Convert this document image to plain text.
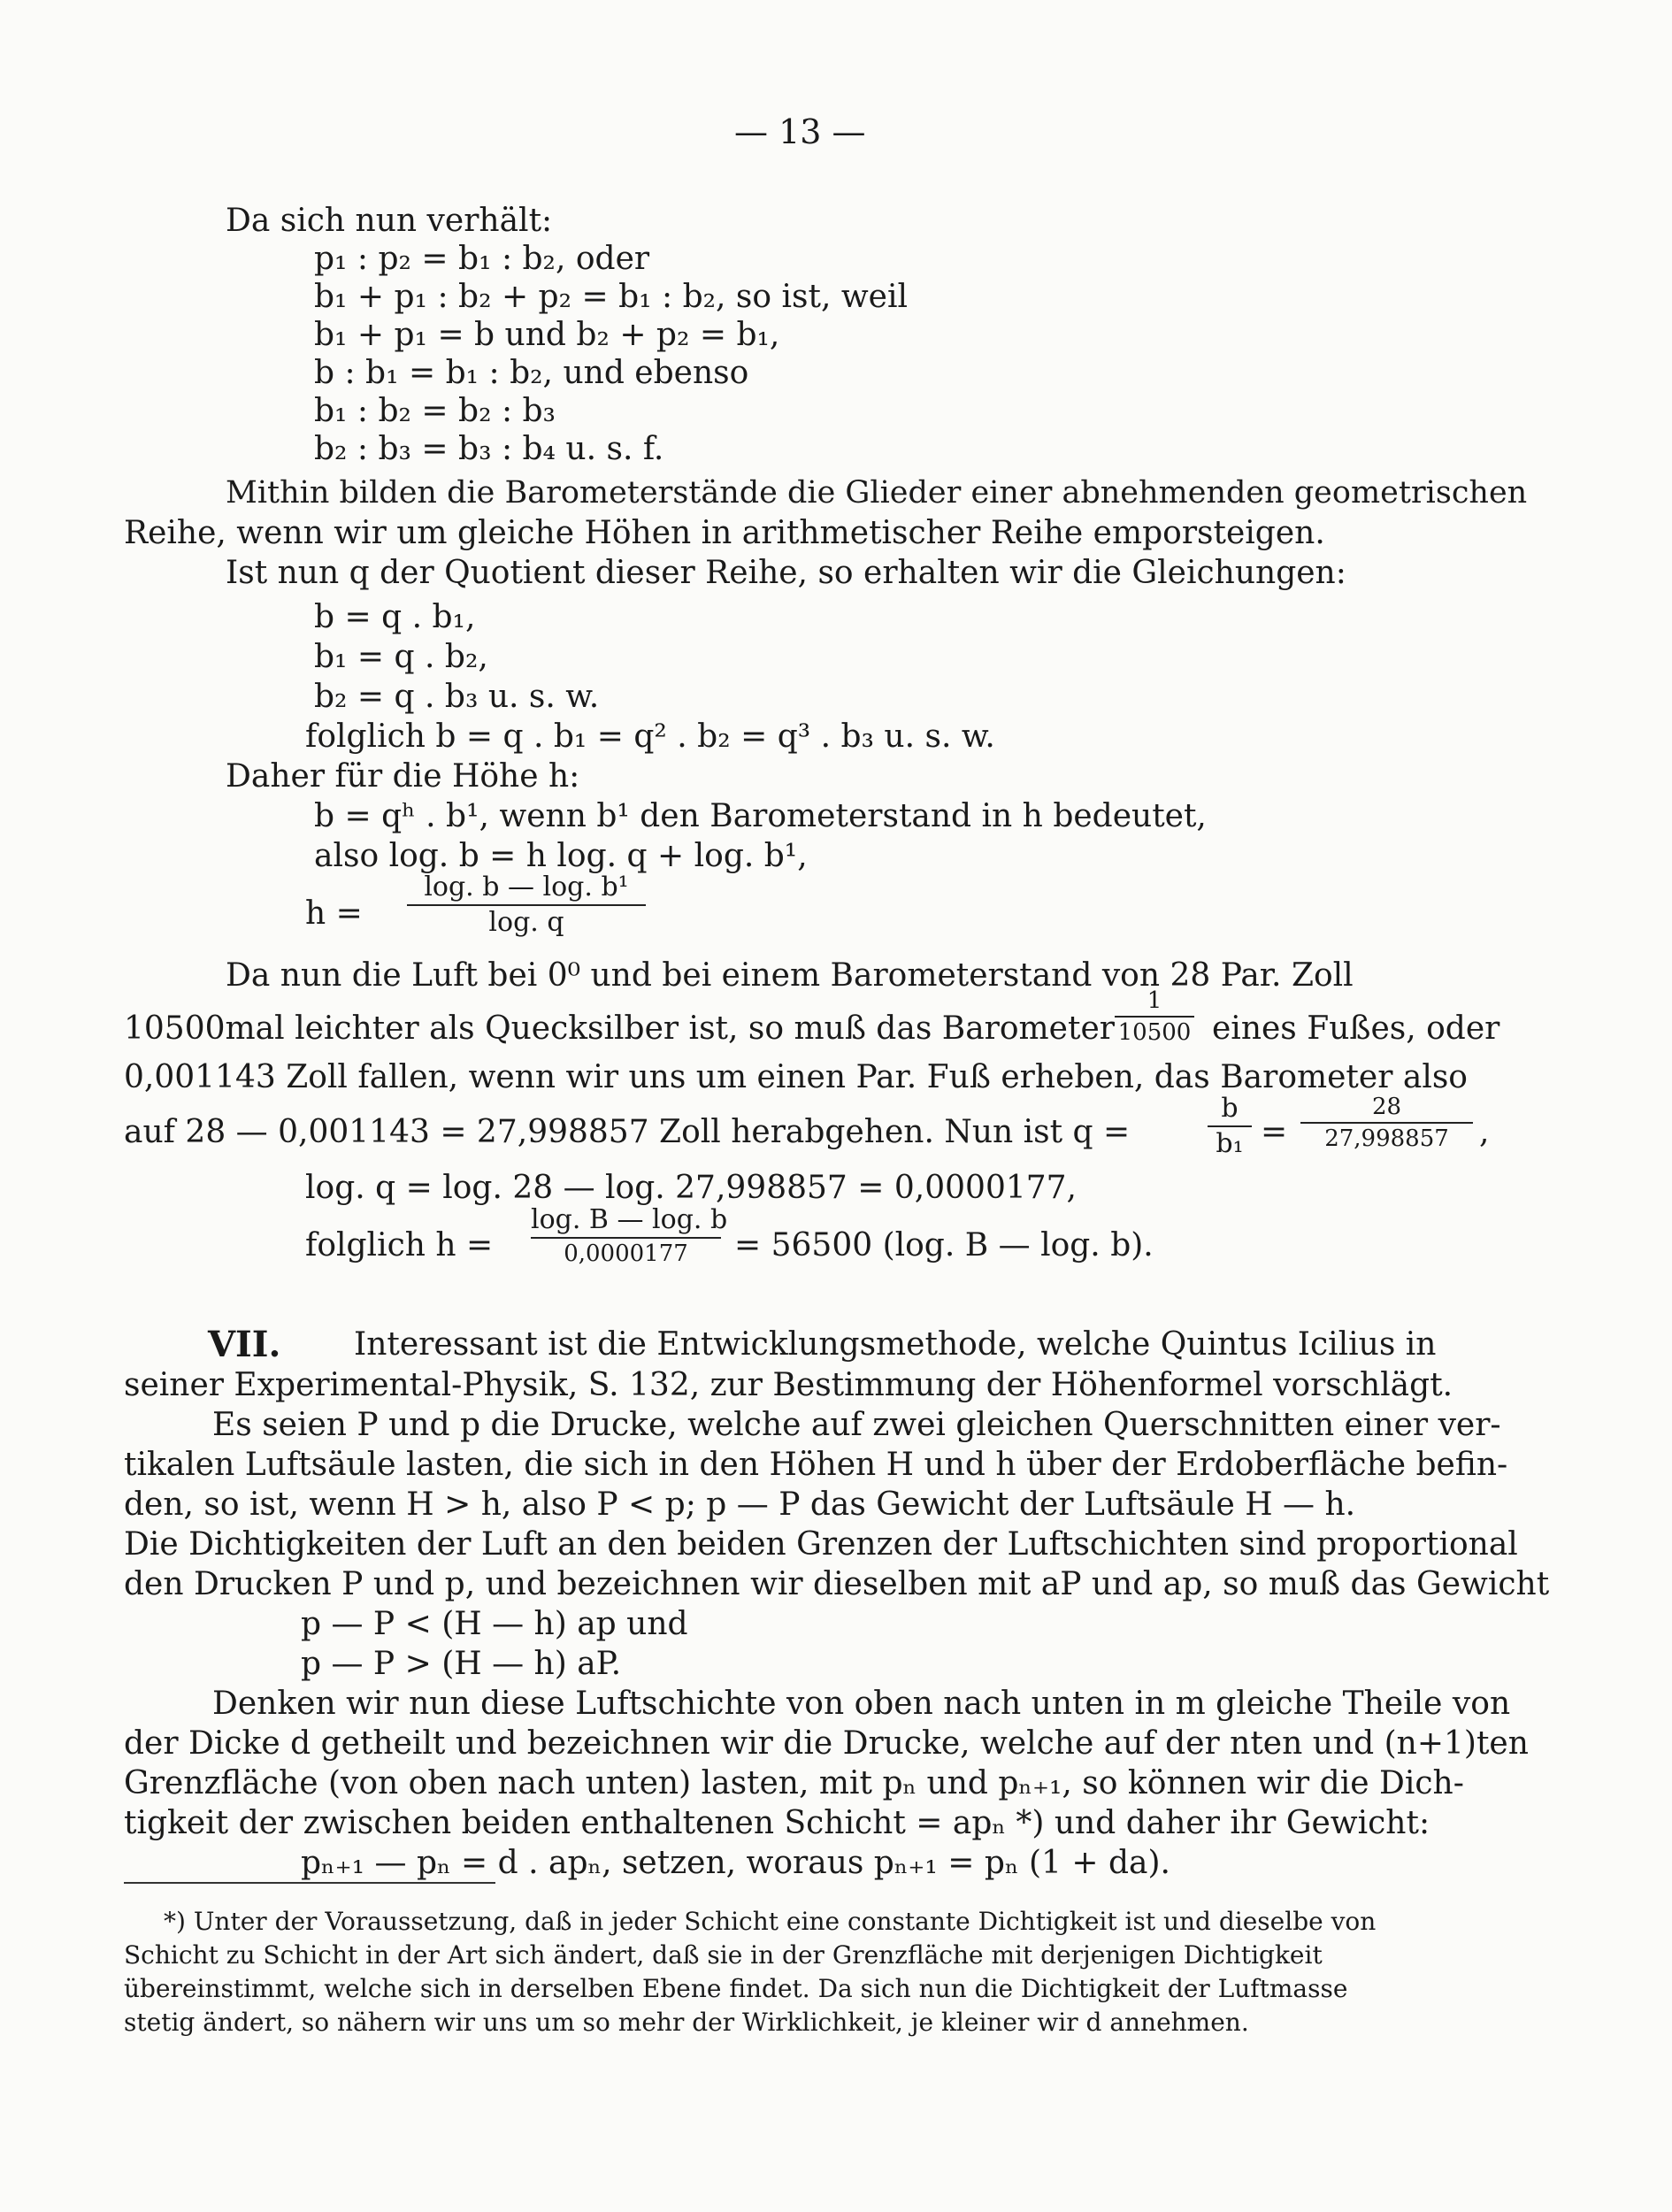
— 13 —
Da sich nun verhält:
p₁ : p₂ = b₁ : b₂, oder
b₁ + p₁ : b₂ + p₂ = b₁ : b₂, so ist, weil
b₁ + p₁ = b und b₂ + p₂ = b₁,
b : b₁ = b₁ : b₂, und ebenso
b₁ : b₂ = b₂ : b₃
b₂ : b₃ = b₃ : b₄ u. s. f.
Mithin bilden die Barometerstände die Glieder einer abnehmenden geometrischen
Reihe, wenn wir um gleiche Höhen in arithmetischer Reihe emporsteigen.
Ist nun q der Quotient dieser Reihe, so erhalten wir die Gleichungen:
b = q . b₁,
b₁ = q . b₂,
b₂ = q . b₃ u. s. w.
folglich b = q . b₁ = q² . b₂ = q³ . b₃ u. s. w.
Daher für die Höhe h:
b = qʰ . b¹, wenn b¹ den Barometerstand in h bedeutet,
also log. b = h log. q + log. b¹,
h =
log. b — log. b¹
log. q
Da nun die Luft bei 0⁰ und bei einem Barometerstand von 28 Par. Zoll
10500mal leichter als Quecksilber ist, so muß das Barometer
1
10500 eines Fußes, oder
0,001143 Zoll fallen, wenn wir uns um einen Par. Fuß erheben, das Barometer also
auf 28 — 0,001143 = 27,998857 Zoll herabgehen. Nun ist q =
b
b₁ =
28
27,998857 ,
log. q = log. 28 — log. 27,998857 = 0,0000177,
folglich h =
log. B — log. b
0,0000177	= 56500 (log. B — log. b).
VII. Interessant ist die Entwicklungsmethode, welche Quintus Icilius in
seiner Experimental-Physik, S. 132, zur Bestimmung der Höhenformel vorschlägt.
Es seien P und p die Drucke, welche auf zwei gleichen Querschnitten einer ver-
tikalen Luftsäule lasten, die sich in den Höhen H und h über der Erdoberfläche befin-
den, so ist, wenn H > h, also P < p; p — P das Gewicht der Luftsäule H — h.
Die Dichtigkeiten der Luft an den beiden Grenzen der Luftschichten sind proportional
den Drucken P und p, und bezeichnen wir dieselben mit aP und ap, so muß das Gewicht
p — P < (H — h) ap und
p — P > (H — h) aP.
Denken wir nun diese Luftschichte von oben nach unten in m gleiche Theile von
der Dicke d getheilt und bezeichnen wir die Drucke, welche auf der nten und (n+1)ten
Grenzfläche (von oben nach unten) lasten, mit pₙ und pₙ₊₁, so können wir die Dich-
tigkeit der zwischen beiden enthaltenen Schicht = apₙ *) und daher ihr Gewicht:
pₙ₊₁ — pₙ = d . apₙ, setzen, woraus pₙ₊₁ = pₙ (1 + da).
*) Unter der Voraussetzung, daß in jeder Schicht eine constante Dichtigkeit ist und dieselbe von
Schicht zu Schicht in der Art sich ändert, daß sie in der Grenzfläche mit derjenigen Dichtigkeit
übereinstimmt, welche sich in derselben Ebene findet. Da sich nun die Dichtigkeit der Luftmasse
stetig ändert, so nähern wir uns um so mehr der Wirklichkeit, je kleiner wir d annehmen.
